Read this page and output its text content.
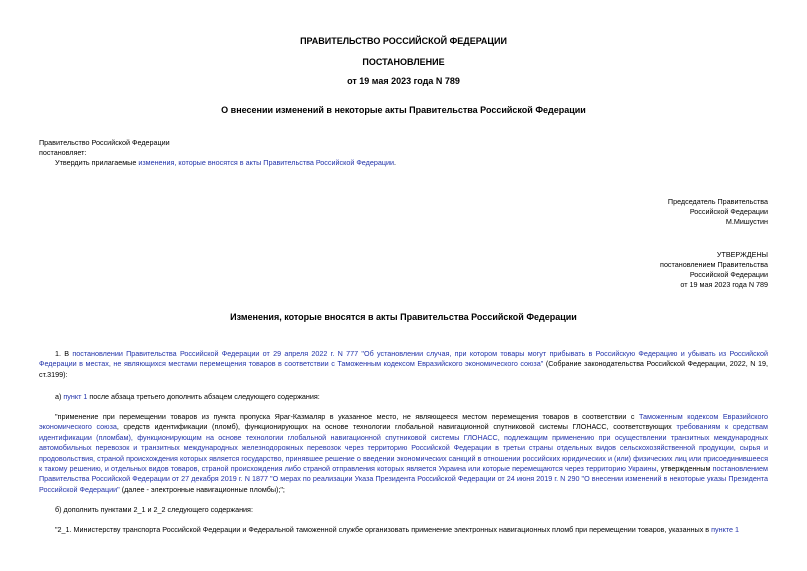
ПРАВИТЕЛЬСТВО РОССИЙСКОЙ ФЕДЕРАЦИИ
ПОСТАНОВЛЕНИЕ
от 19 мая 2023 года N 789
О внесении изменений в некоторые акты Правительства Российской Федерации
Правительство Российской Федерации
постановляет:
Утвердить прилагаемые изменения, которые вносятся в акты Правительства Российской Федерации.
Председатель Правительства
Российской Федерации
М.Мишустин
УТВЕРЖДЕНЫ
постановлением Правительства
Российской Федерации
от 19 мая 2023 года N 789
Изменения, которые вносятся в акты Правительства Российской Федерации
1. В постановлении Правительства Российской Федерации от 29 апреля 2022 г. N 777 "Об установлении случая, при котором товары могут прибывать в Российскую Федерацию и убывать из Российской Федерации в местах, не являющихся местами перемещения товаров в соответствии с Таможенным кодексом Евразийского экономического союза" (Собрание законодательства Российской Федерации, 2022, N 19, ст.3199):
а) пункт 1 после абзаца третьего дополнить абзацем следующего содержания:
"применение при перемещении товаров из пункта пропуска Яраг-Казмаляр в указанное место, не являющееся местом перемещения товаров в соответствии с Таможенным кодексом Евразийского экономического союза, средств идентификации (пломб), функционирующих на основе технологии глобальной навигационной спутниковой системы ГЛОНАСС, соответствующих требованиям к средствам идентификации (пломбам), функционирующим на основе технологии глобальной навигационной спутниковой системы ГЛОНАСС, подлежащим применению при осуществлении транзитных международных автомобильных перевозок и транзитных международных железнодорожных перевозок через территорию Российской Федерации в третьи страны отдельных видов сельскохозяйственной продукции, сырья и продовольствия, страной происхождения которых является государство, принявшее решение о введении экономических санкций в отношении российских юридических и (или) физических лиц или присоединившееся к такому решению, и отдельных видов товаров, страной происхождения либо страной отправления которых является Украина или которые перемещаются через территорию Украины, утвержденным постановлением Правительства Российской Федерации от 27 декабря 2019 г. N 1877 "О мерах по реализации Указа Президента Российской Федерации от 24 июня 2019 г. N 290 "О внесении изменений в некоторые указы Президента Российской Федерации" (далее - электронные навигационные пломбы);";
б) дополнить пунктами 2_1 и 2_2 следующего содержания:
"2_1. Министерству транспорта Российской Федерации и Федеральной таможенной службе организовать применение электронных навигационных пломб при перемещении товаров, указанных в пункте 1
